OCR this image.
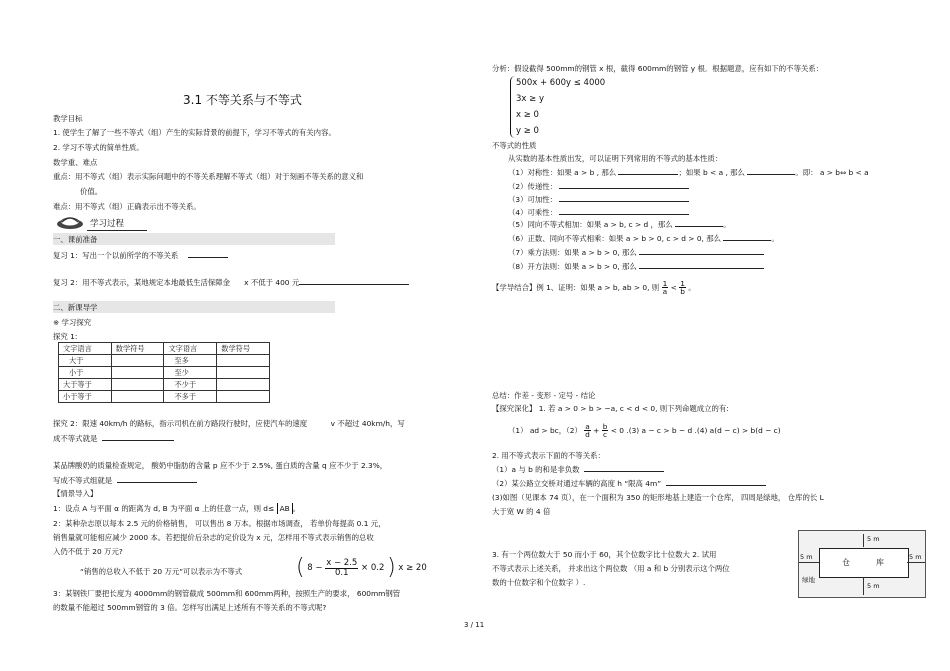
3.1 不等关系与不等式
教学目标
1. 使学生了解了一些不等式（组）产生的实际背景的前提下，学习不等式的有关内容。
2. 学习不等式的简单性质。
数学重、难点
重点：用不等式（组）表示实际问题中的不等关系理解不等式（组）对于刻画不等关系的意义和
价值。
难点：用不等式（组）正确表示出不等关系。
学习过程
一、课前准备
复习 1：写出一个以前所学的不等关系
复习 2：用不等式表示，某地规定本地最低生活保障金 x 不低于 400 元
二、新课导学
※ 学习探究
探究 1:
文字语言	数学符号	文字语言	数学符号
大于		至多	
小于		至少	
大于等于		不少于	
小于等于		不多于	
探究 2：限速 40km/h 的路标，指示司机在前方路段行驶时，应使汽车的速度	v 不超过 40km/h，写
成不等式就是
某品牌酸奶的质量检查规定， 酸奶中脂肪的含量 p 应不少于 2.5%, 蛋白质的含量 q 应不少于 2.3%，
写成不等式组就是
【情景导入】
1：设点 A 与平面 α 的距离为 d, B 为平面 α 上的任意一点，则 d≤ AB 。
2：某种杂志原以每本 2.5 元的价格销售， 可以售出 8 万本。根据市场调查， 若单价每提高 0.1 元，
销售量就可能相应减少 2000 本。若把提价后杂志的定价设为 x 元，怎样用不等式表示销售的总收
入仍不低于 20 万元?
“销售的总收入不低于 20 万元”可以表示为不等式 ( $8 - \frac{x - 2.5}{0.1} \times 0.2$ ) x ≥ 20
3：某钢铁厂要把长度为 4000mm的钢管截成 500mm和 600mm两种，按照生产的要求， 600mm钢管
的数量不能超过 500mm钢管的 3 倍。怎样写出满足上述所有不等关系的不等式呢?
分析：假设截得 500mm的钢管 x 根，截得 600mm的钢管 y 根．根据题意，应有如下的不等关系：
500x + 600y ≤ 4000
3x ≥ y
x ≥ 0
y ≥ 0
不等式的性质
从实数的基本性质出发，可以证明下列常用的不等式的基本性质：
（1）对称性：如果 a > b , 那么	；如果 b < a , 那么	。即： a > b⇔ b < a
（2）传递性：
（3）可加性：
（4）可乘性：
（5）同向不等式相加：如果 a > b, c > d ，那么	。
（6）正数、同向不等式相乘：如果 a > b > 0, c > d > 0, 那么	。
（7）乘方法则：如果 a > b > 0, 那么
（8）开方法则：如果 a > b > 0, 那么
【学导结合】例 1、证明：如果 a > b, ab > 0, 则 $\frac{1}{a} < \frac{1}{b}$ 。
总结：作差 - 变形 - 定号 - 结论
【探究深化】 1. 若 a > 0 > b > −a, c < d < 0, 则下列命题成立的有:
（1） ad > bc，$(2) \frac{a}{d} + \frac{b}{c} < 0$ .(3) a − c > b − d .(4) a(d − c) > b(d − c)
2. 用不等式表示下面的不等关系：
（1）a 与 b 的和是非负数
（2）某公路立交桥对通过车辆的高度 h “限高 4m”
(3)如图（见课本 74 页），在一个面积为 350 的矩形地基上建造一个仓库， 四周是绿地， 仓库的长 L
大于宽 W 的 4 倍
3. 有一个两位数大于 50 而小于 60，其个位数字比十位数大 2. 试用
不等式表示上述关系， 并求出这个两位数 （用 a 和 b 分别表示这个两位
数的十位数字和个位数字 ）.
仓	库
5 m
5 m
5 m	5 m
绿地
3 / 11
